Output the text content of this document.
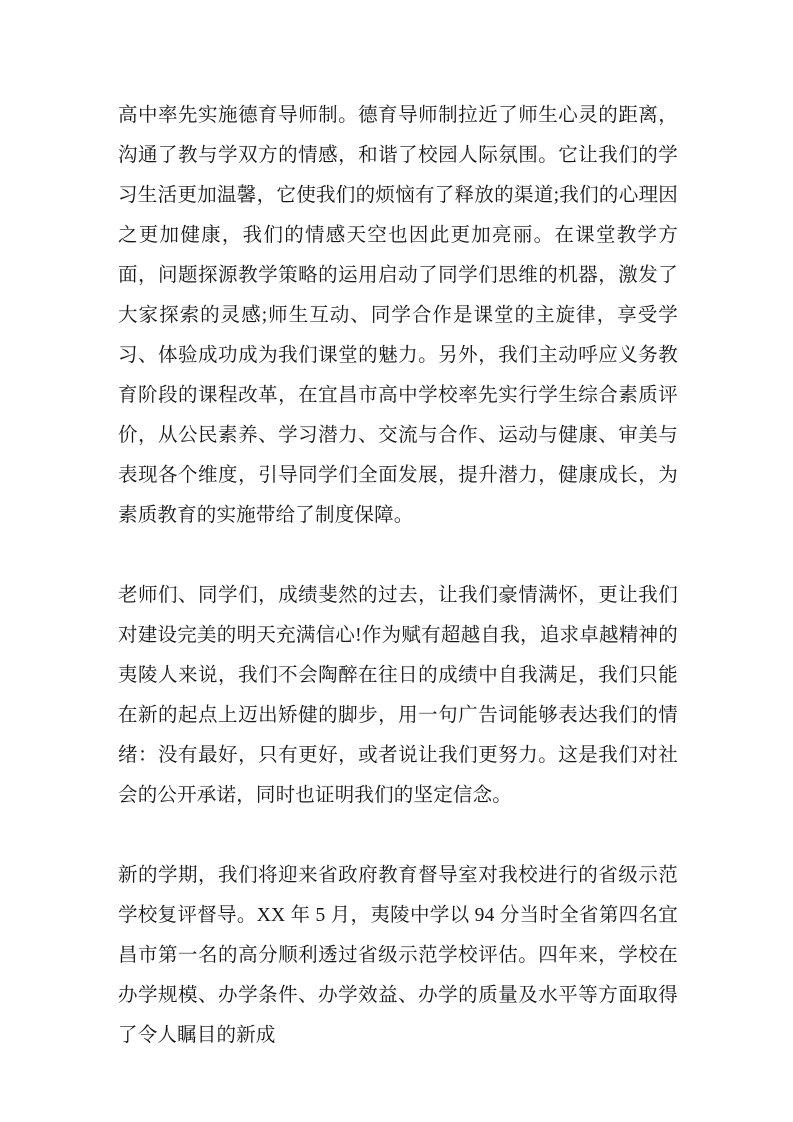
高中率先实施德育导师制。德育导师制拉近了师生心灵的距离，沟通了教与学双方的情感，和谐了校园人际氛围。它让我们的学习生活更加温馨，它使我们的烦恼有了释放的渠道;我们的心理因之更加健康，我们的情感天空也因此更加亮丽。在课堂教学方面，问题探源教学策略的运用启动了同学们思维的机器，激发了大家探索的灵感;师生互动、同学合作是课堂的主旋律，享受学习、体验成功成为我们课堂的魅力。另外，我们主动呼应义务教育阶段的课程改革，在宜昌市高中学校率先实行学生综合素质评价，从公民素养、学习潜力、交流与合作、运动与健康、审美与表现各个维度，引导同学们全面发展，提升潜力，健康成长，为素质教育的实施带给了制度保障。

老师们、同学们，成绩斐然的过去，让我们豪情满怀，更让我们对建设完美的明天充满信心!作为赋有超越自我，追求卓越精神的夷陵人来说，我们不会陶醉在往日的成绩中自我满足，我们只能在新的起点上迈出矫健的脚步，用一句广告词能够表达我们的情绪：没有最好，只有更好，或者说让我们更努力。这是我们对社会的公开承诺，同时也证明我们的坚定信念。

新的学期，我们将迎来省政府教育督导室对我校进行的省级示范学校复评督导。XX 年 5 月，夷陵中学以 94 分当时全省第四名宜昌市第一名的高分顺利透过省级示范学校评估。四年来，学校在办学规模、办学条件、办学效益、办学的质量及水平等方面取得了令人瞩目的新成
